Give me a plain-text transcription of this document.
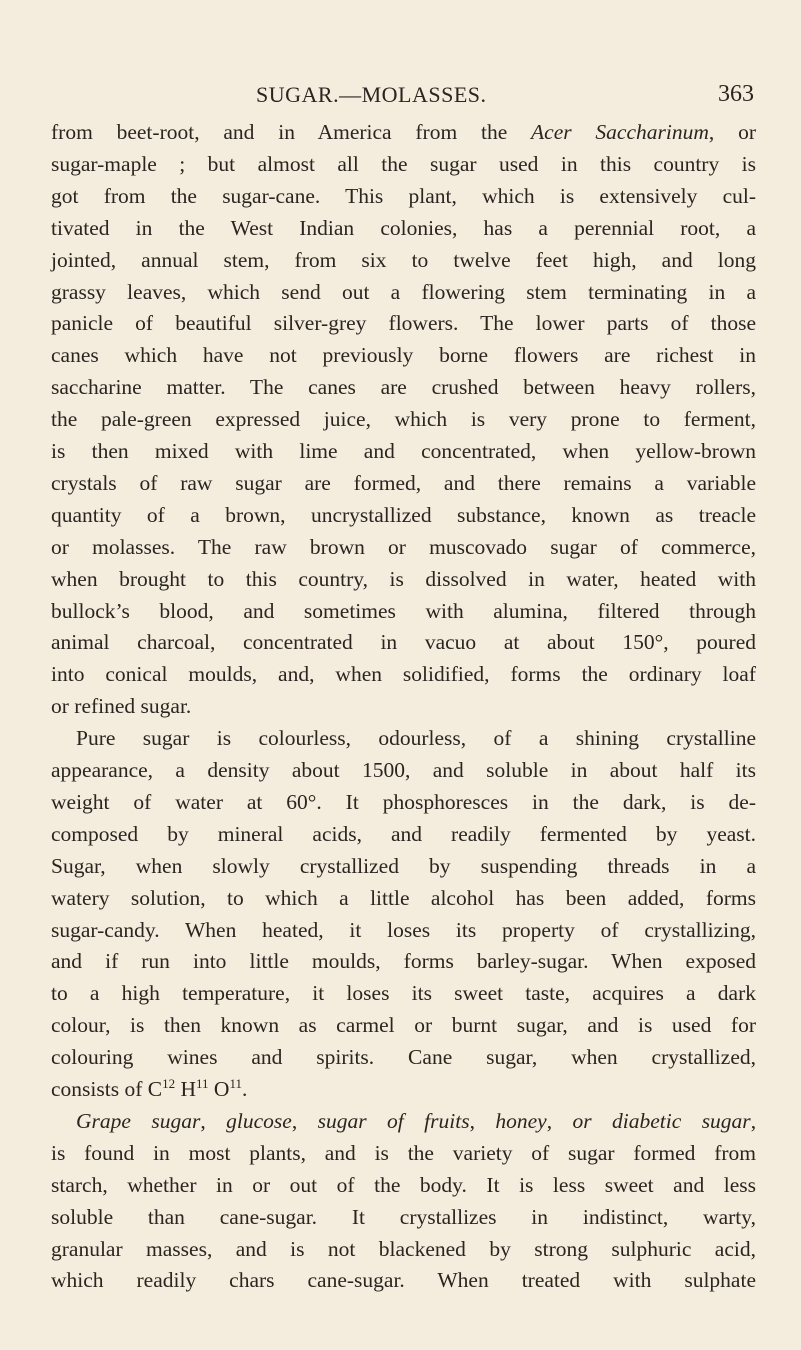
SUGAR.—MOLASSES.	363
from beet-root, and in America from the Acer Saccharinum, or
sugar-maple ; but almost all the sugar used in this country is
got from the sugar-cane. This plant, which is extensively cul-
tivated in the West Indian colonies, has a perennial root, a
jointed, annual stem, from six to twelve feet high, and long
grassy leaves, which send out a flowering stem terminating in a
panicle of beautiful silver-grey flowers. The lower parts of those
canes which have not previously borne flowers are richest in
saccharine matter. The canes are crushed between heavy rollers,
the pale-green expressed juice, which is very prone to ferment,
is then mixed with lime and concentrated, when yellow-brown
crystals of raw sugar are formed, and there remains a variable
quantity of a brown, uncrystallized substance, known as treacle
or molasses. The raw brown or muscovado sugar of commerce,
when brought to this country, is dissolved in water, heated with
bullock’s blood, and sometimes with alumina, filtered through
animal charcoal, concentrated in vacuo at about 150°, poured
into conical moulds, and, when solidified, forms the ordinary loaf
or refined sugar.
Pure sugar is colourless, odourless, of a shining crystalline
appearance, a density about 1500, and soluble in about half its
weight of water at 60°. It phosphoresces in the dark, is de-
composed by mineral acids, and readily fermented by yeast.
Sugar, when slowly crystallized by suspending threads in a
watery solution, to which a little alcohol has been added, forms
sugar-candy. When heated, it loses its property of crystallizing,
and if run into little moulds, forms barley-sugar. When exposed
to a high temperature, it loses its sweet taste, acquires a dark
colour, is then known as carmel or burnt sugar, and is used for
colouring wines and spirits. Cane sugar, when crystallized,
consists of $C^{12}$ $H^{11}$ $O^{11}$.
Grape sugar, glucose, sugar of fruits, honey, or diabetic sugar,
is found in most plants, and is the variety of sugar formed from
starch, whether in or out of the body. It is less sweet and less
soluble than cane-sugar. It crystallizes in indistinct, warty,
granular masses, and is not blackened by strong sulphuric acid,
which readily chars cane-sugar. When treated with sulphate
